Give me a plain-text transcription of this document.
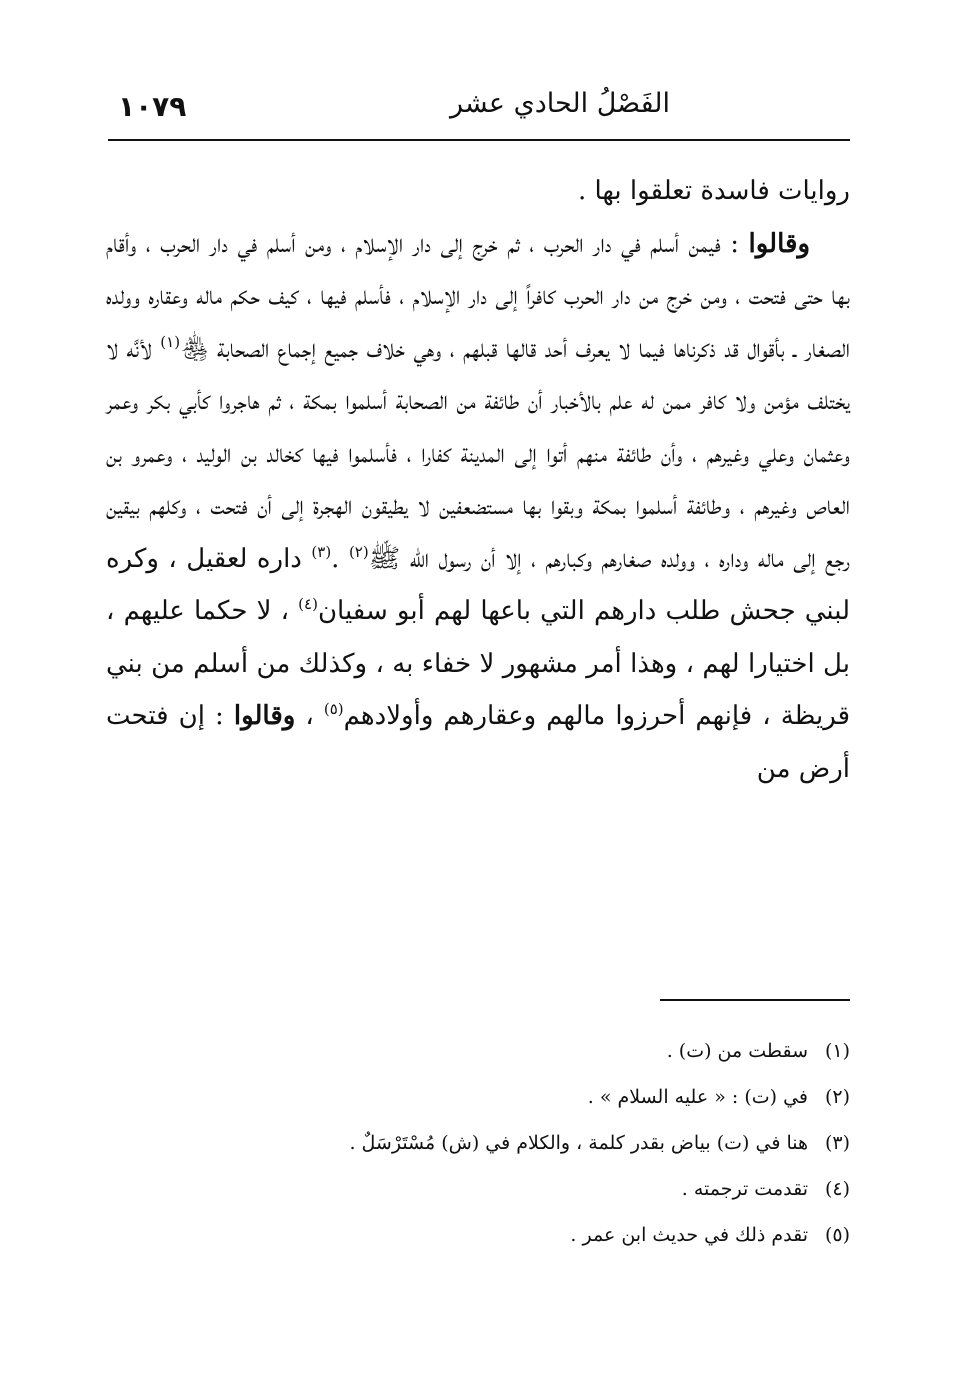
الفَصْلُ الحادي عشر
١٠٧٩

روايات فاسدة تعلقوا بها .

وقالوا : فيمن أسلم في دار الحرب ، ثم خرج إلى دار الإسلام ، ومن أسلم في دار الحرب ، وأقام بها حتى فتحت ، ومن خرج من دار الحرب كافراً إلى دار الإسلام ، فأسلم فيها ، كيف حكم ماله وعقاره وولده الصغار ـ بأقوال قد ذكرناها فيما لا يعرف أحد قالها قبلهم ، وهي خلاف جميع إجماع الصحابة ﵃$^{(١)}$ لأنَّه لا يختلف مؤمن ولا كافر ممن له علم بالأخبار أن طائفة من الصحابة أسلموا بمكة ، ثم هاجروا كأبي بكر وعمر وعثمان وعلي وغيرهم ، وأن طائفة منهم أتوا إلى المدينة كفارا ، فأسلموا فيها كخالد بن الوليد ، وعمرو بن العاص وغيرهم ، وطائفة أسلموا بمكة وبقوا بها مستضعفين لا يطيقون الهجرة إلى أن فتحت ، وكلهم بيقين رجع إلى ماله وداره ، وولده صغارهم وكبارهم ، إلا أن رسول الله ﷺ$^{(٢)}$ .$^{(٣)}$ داره لعقيل ، وكره لبني جحش طلب دارهم التي باعها لهم أبو سفيان$^{(٤)}$ ، لا حكما عليهم ، بل اختيارا لهم ، وهذا أمر مشهور لا خفاء به ، وكذلك من أسلم من بني قريظة ، فإنهم أحرزوا مالهم وعقارهم وأولادهم$^{(٥)}$ ، وقالوا : إن فتحت أرض من

(١)سقطت من (ت) .
(٢)في (ت) : « عليه السلام » .
(٣)هنا في (ت) بياض بقدر كلمة ، والكلام في (ش) مُسْتَرْسَلٌ .
(٤)تقدمت ترجمته .
(٥)تقدم ذلك في حديث ابن عمر .
